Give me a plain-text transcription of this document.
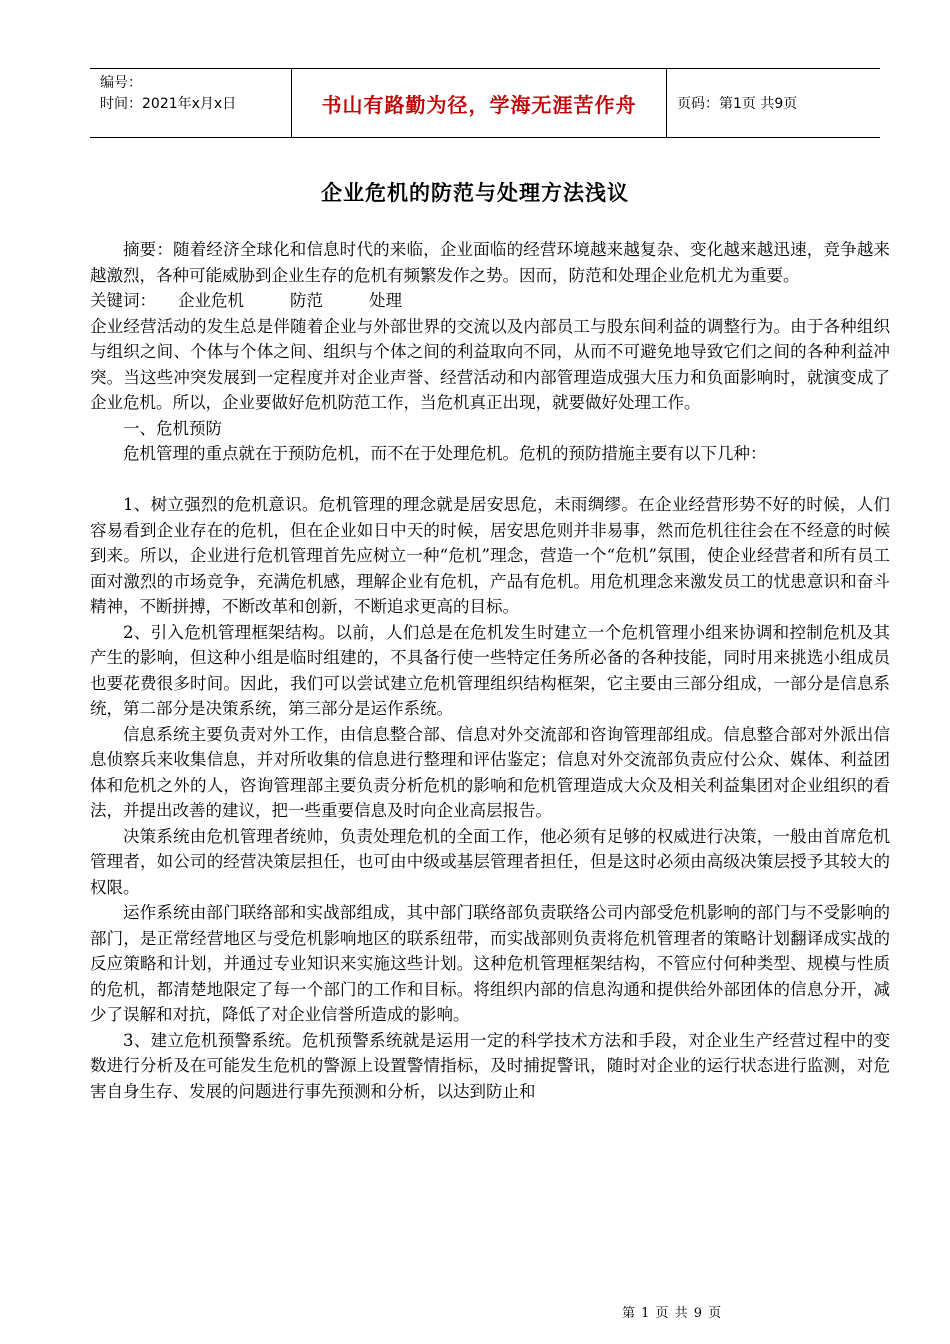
编号：
时间：2021年x月x日	书山有路勤为径，学海无涯苦作舟	页码：第1页 共9页
企业危机的防范与处理方法浅议

摘要：随着经济全球化和信息时代的来临，企业面临的经营环境越来越复杂、变化越来越迅速，竞争越来越激烈，各种可能威胁到企业生存的危机有频繁发作之势。因而，防范和处理企业危机尤为重要。

关键词： 企业危机	防范	处理

企业经营活动的发生总是伴随着企业与外部世界的交流以及内部员工与股东间利益的调整行为。由于各种组织与组织之间、个体与个体之间、组织与个体之间的利益取向不同，从而不可避免地导致它们之间的各种利益冲突。当这些冲突发展到一定程度并对企业声誉、经营活动和内部管理造成强大压力和负面影响时，就演变成了企业危机。所以，企业要做好危机防范工作，当危机真正出现，就要做好处理工作。

一、危机预防

危机管理的重点就在于预防危机，而不在于处理危机。危机的预防措施主要有以下几种：

1、树立强烈的危机意识。危机管理的理念就是居安思危，未雨绸缪。在企业经营形势不好的时候，人们容易看到企业存在的危机，但在企业如日中天的时候，居安思危则并非易事，然而危机往往会在不经意的时候到来。所以，企业进行危机管理首先应树立一种“危机”理念，营造一个“危机”氛围，使企业经营者和所有员工面对激烈的市场竞争，充满危机感，理解企业有危机，产品有危机。用危机理念来激发员工的忧患意识和奋斗精神，不断拼搏，不断改革和创新，不断追求更高的目标。

2、引入危机管理框架结构。以前，人们总是在危机发生时建立一个危机管理小组来协调和控制危机及其产生的影响，但这种小组是临时组建的，不具备行使一些特定任务所必备的各种技能，同时用来挑选小组成员也要花费很多时间。因此，我们可以尝试建立危机管理组织结构框架，它主要由三部分组成，一部分是信息系统，第二部分是决策系统，第三部分是运作系统。

信息系统主要负责对外工作，由信息整合部、信息对外交流部和咨询管理部组成。信息整合部对外派出信息侦察兵来收集信息，并对所收集的信息进行整理和评估鉴定；信息对外交流部负责应付公众、媒体、利益团体和危机之外的人，咨询管理部主要负责分析危机的影响和危机管理造成大众及相关利益集团对企业组织的看法，并提出改善的建议，把一些重要信息及时向企业高层报告。

决策系统由危机管理者统帅，负责处理危机的全面工作，他必须有足够的权威进行决策，一般由首席危机管理者，如公司的经营决策层担任，也可由中级或基层管理者担任，但是这时必须由高级决策层授予其较大的权限。

运作系统由部门联络部和实战部组成，其中部门联络部负责联络公司内部受危机影响的部门与不受影响的部门，是正常经营地区与受危机影响地区的联系纽带，而实战部则负责将危机管理者的策略计划翻译成实战的反应策略和计划，并通过专业知识来实施这些计划。这种危机管理框架结构，不管应付何种类型、规模与性质的危机，都清楚地限定了每一个部门的工作和目标。将组织内部的信息沟通和提供给外部团体的信息分开，减少了误解和对抗，降低了对企业信誉所造成的影响。

3、建立危机预警系统。危机预警系统就是运用一定的科学技术方法和手段，对企业生产经营过程中的变数进行分析及在可能发生危机的警源上设置警情指标，及时捕捉警讯，随时对企业的运行状态进行监测，对危害自身生存、发展的问题进行事先预测和分析，以达到防止和

第 1 页 共 9 页
